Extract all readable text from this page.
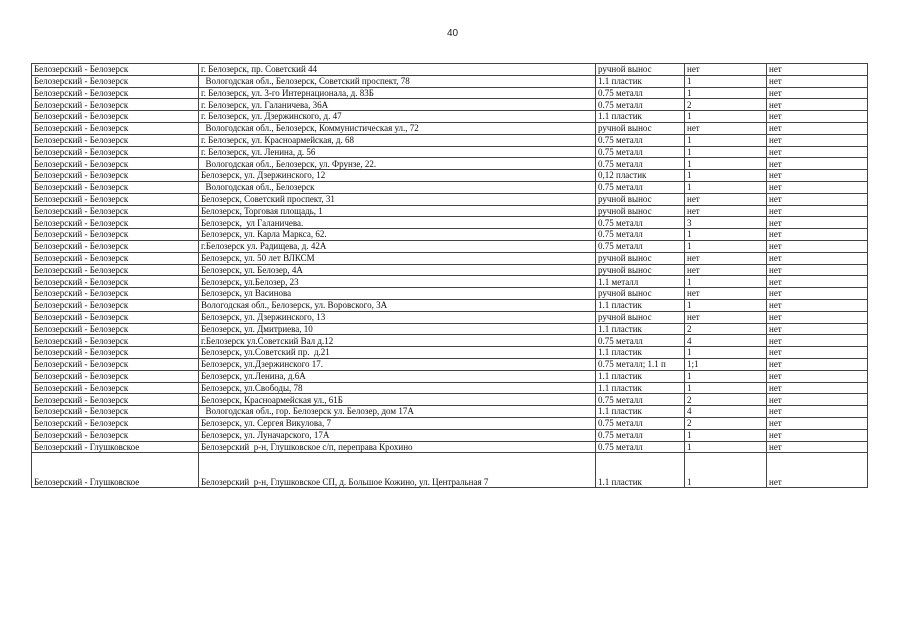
40
Белозерский - Белозерск	г. Белозерск, пр. Советский 44	ручной вынос	нет	нет
Белозерский - Белозерск	Вологодская обл., Белозерск, Советский проспект, 78	1.1 пластик	1	нет
Белозерский - Белозерск	г. Белозерск, ул. 3-го Интернационала, д. 83Б	0.75 металл	1	нет
Белозерский - Белозерск	г. Белозерск, ул. Галаничева, 36А	0.75 металл	2	нет
Белозерский - Белозерск	г. Белозерск, ул. Дзержинского, д. 47	1.1 пластик	1	нет
Белозерский - Белозерск	Вологодская обл., Белозерск, Коммунистическая ул., 72	ручной вынос	нет	нет
Белозерский - Белозерск	г. Белозерск, ул. Красноармейская, д. 68	0.75 металл	1	нет
Белозерский - Белозерск	г. Белозерск, ул. Ленина, д. 56	0.75 металл	1	нет
Белозерский - Белозерск	Вологодская обл., Белозерск, ул. Фрунзе, 22.	0.75 металл	1	нет
Белозерский - Белозерск	Белозерск, ул. Дзержинского, 12	0,12 пластик	1	нет
Белозерский - Белозерск	Вологодская обл., Белозерск	0.75 металл	1	нет
Белозерский - Белозерск	Белозерск, Советский проспект, 31	ручной вынос	нет	нет
Белозерский - Белозерск	Белозерск, Торговая площадь, 1	ручной вынос	нет	нет
Белозерский - Белозерск	Белозерск,  ул Галаничева.	0.75 металл	3	нет
Белозерский - Белозерск	Белозерск, ул. Карла Маркса, 62.	0.75 металл	1	нет
Белозерский - Белозерск	г.Белозерск ул. Радищева, д. 42А	0.75 металл	1	нет
Белозерский - Белозерск	Белозерск, ул. 50 лет ВЛКСМ	ручной вынос	нет	нет
Белозерский - Белозерск	Белозерск, ул. Белозер, 4А	ручной вынос	нет	нет
Белозерский - Белозерск	Белозерск, ул.Белозер, 23	1.1 металл	1	нет
Белозерский - Белозерск	Белозерск, ул Васинова	ручной вынос	нет	нет
Белозерский - Белозерск	Вологодская обл., Белозерск, ул. Воровского, 3А	1.1 пластик	1	нет
Белозерский - Белозерск	Белозерск, ул. Дзержинского, 13	ручной вынос	нет	нет
Белозерский - Белозерск	Белозерск, ул. Дмитриева, 10	1.1 пластик	2	нет
Белозерский - Белозерск	г.Белозерск ул.Советский Вал д.12	0.75 металл	4	нет
Белозерский - Белозерск	Белозерск, ул.Советский пр.  д.21	1.1 пластик	1	нет
Белозерский - Белозерск	Белозерск, ул.Дзержинского 17.	0.75 металл; 1.1 п	1;1	нет
Белозерский - Белозерск	Белозерск, ул.Ленина, д.6А	1.1 пластик	1	нет
Белозерский - Белозерск	Белозерск, ул.Свободы, 78	1.1 пластик	1	нет
Белозерский - Белозерск	Белозерск, Красноармейская ул., 61Б	0.75 металл	2	нет
Белозерский - Белозерск	Вологодская обл., гор. Белозерск ул. Белозер, дом 17А	1.1 пластик	4	нет
Белозерский - Белозерск	Белозерск, ул. Сергея Викулова, 7	0.75 металл	2	нет
Белозерский - Белозерск	Белозерск, ул. Луначарского, 17А	0.75 металл	1	нет
Белозерский - Глушковское	Белозерский  р-н, Глушковское с/п, переправа Крохино	0.75 металл	1	нет
Белозерский - Глушковское	Белозерский  р-н, Глушковское СП, д. Большое Кожино, ул. Центральная 7	1.1 пластик	1	нет
